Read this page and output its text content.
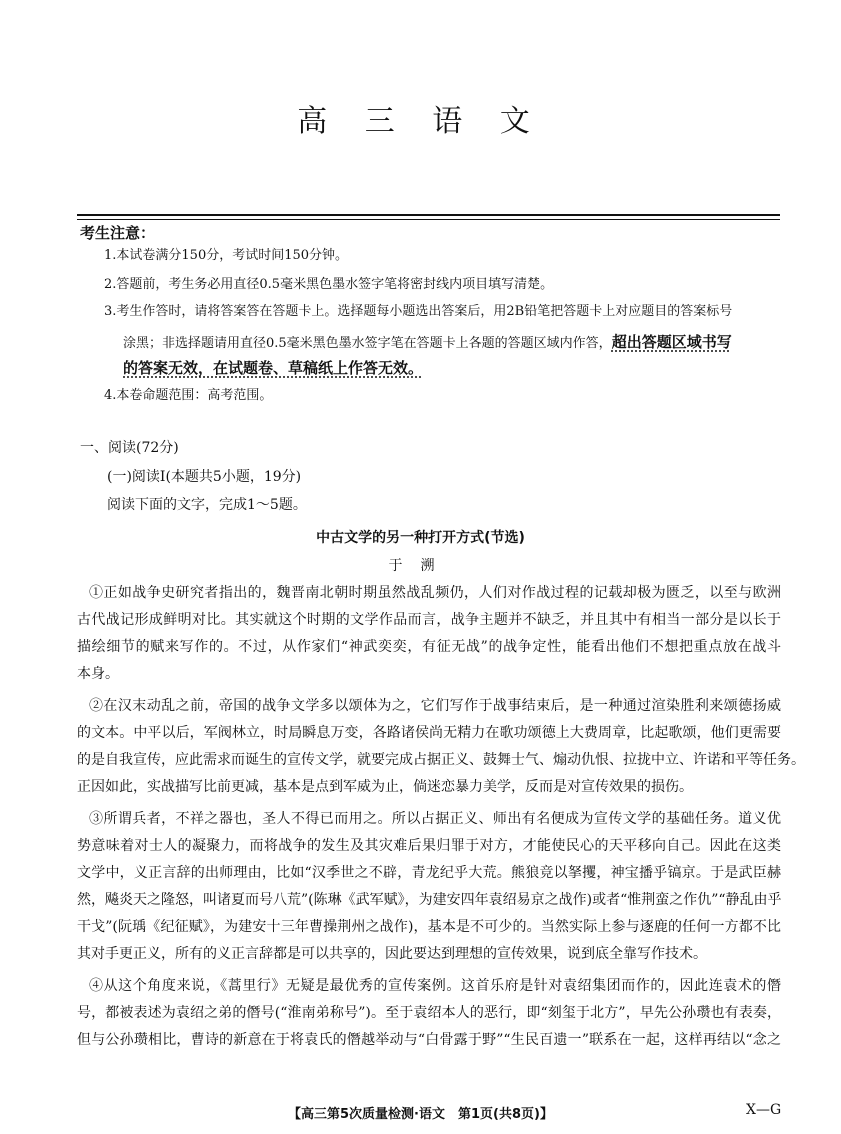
高 三 语 文
考生注意：
1.本试卷满分150分，考试时间150分钟。
2.答题前，考生务必用直径0.5毫米黑色墨水签字笔将密封线内项目填写清楚。
3.考生作答时，请将答案答在答题卡上。选择题每小题选出答案后，用2B铅笔把答题卡上对应题目的答案标号
涂黑；非选择题请用直径0.5毫米黑色墨水签字笔在答题卡上各题的答题区域内作答，超出答题区域书写
的答案无效，在试题卷、草稿纸上作答无效。
4.本卷命题范围：高考范围。
一、阅读(72分)
(一)阅读Ⅰ(本题共5小题，19分)
阅读下面的文字，完成1～5题。
中古文学的另一种打开方式(节选)
于溯
①正如战争史研究者指出的，魏晋南北朝时期虽然战乱频仍，人们对作战过程的记载却极为匮乏，以至与欧洲
古代战记形成鲜明对比。其实就这个时期的文学作品而言，战争主题并不缺乏，并且其中有相当一部分是以长于
描绘细节的赋来写作的。不过，从作家们“神武奕奕，有征无战”的战争定性，能看出他们不想把重点放在战斗
本身。
②在汉末动乱之前，帝国的战争文学多以颂体为之，它们写作于战事结束后，是一种通过渲染胜利来颂德扬威
的文本。中平以后，军阀林立，时局瞬息万变，各路诸侯尚无精力在歌功颂德上大费周章，比起歌颂，他们更需要
的是自我宣传，应此需求而诞生的宣传文学，就要完成占据正义、鼓舞士气、煽动仇恨、拉拢中立、许诺和平等任务。
正因如此，实战描写比前更减，基本是点到军威为止，倘迷恋暴力美学，反而是对宣传效果的损伤。
③所谓兵者，不祥之器也，圣人不得已而用之。所以占据正义、师出有名便成为宣传文学的基础任务。道义优
势意味着对士人的凝聚力，而将战争的发生及其灾难后果归罪于对方，才能使民心的天平移向自己。因此在这类
文学中，义正言辞的出师理由，比如“汉季世之不辟，青龙纪乎大荒。熊狼竞以拏攫，神宝播乎镐京。于是武臣赫
然，飚炎天之隆怒，叫诸夏而号八荒”(陈琳《武军赋》，为建安四年袁绍易京之战作)或者“惟荆蛮之作仇”“静乱由乎
干戈”(阮瑀《纪征赋》，为建安十三年曹操荆州之战作)，基本是不可少的。当然实际上参与逐鹿的任何一方都不比
其对手更正义，所有的义正言辞都是可以共享的，因此要达到理想的宣传效果，说到底全靠写作技术。
④从这个角度来说，《蒿里行》无疑是最优秀的宣传案例。这首乐府是针对袁绍集团而作的，因此连袁术的僭
号，都被表述为袁绍之弟的僭号(“淮南弟称号”)。至于袁绍本人的恶行，即“刻玺于北方”，早先公孙瓒也有表奏，
但与公孙瓒相比，曹诗的新意在于将袁氏的僭越举动与“白骨露于野”“生民百遗一”联系在一起，这样再结以“念之
【高三第5次质量检测·语文　第1页(共8页)】	X—G
